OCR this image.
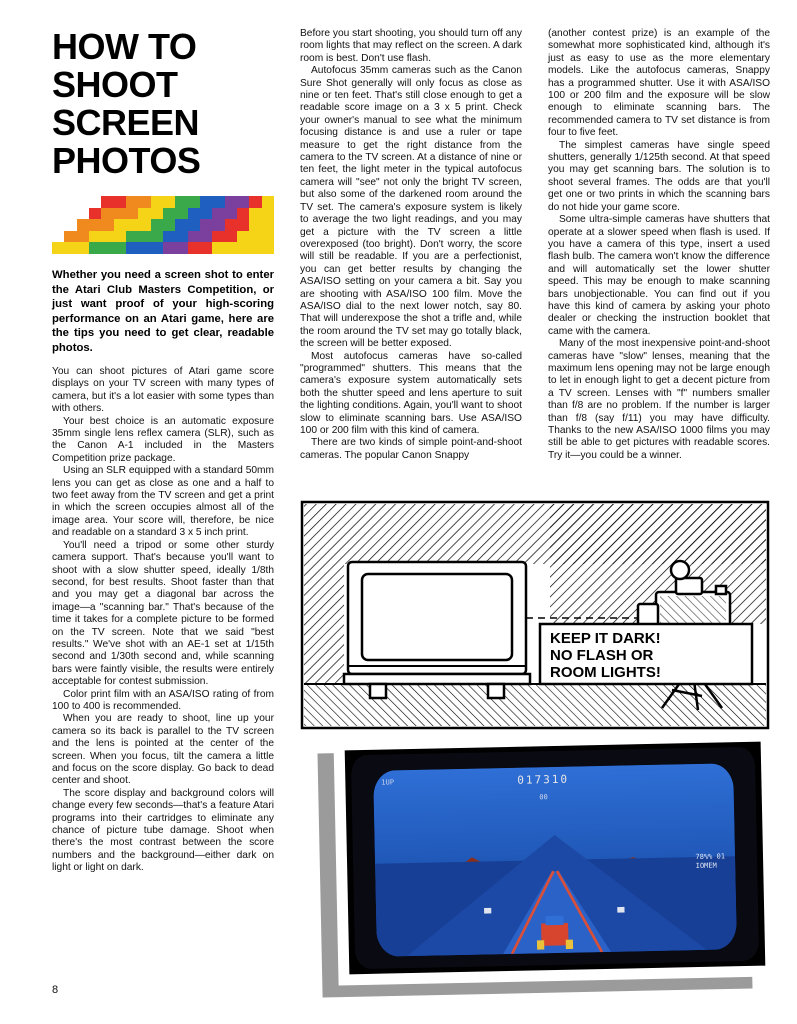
HOW TO
SHOOT
SCREEN
PHOTOS
Whether you need a screen shot to enter the Atari Club Masters Competition, or just want proof of your high-scoring performance on an Atari game, here are the tips you need to get clear, readable photos.

You can shoot pictures of Atari game score displays on your TV screen with many types of camera, but it's a lot easier with some types than with others.

Your best choice is an automatic exposure 35mm single lens reflex camera (SLR), such as the Canon A-1 included in the Masters Competition prize package.

Using an SLR equipped with a standard 50mm lens you can get as close as one and a half to two feet away from the TV screen and get a print in which the screen occupies almost all of the image area. Your score will, therefore, be nice and readable on a standard 3 x 5 inch print.

You'll need a tripod or some other sturdy camera support. That's because you'll want to shoot with a slow shutter speed, ideally 1/8th second, for best results. Shoot faster than that and you may get a diagonal bar across the image—a "scanning bar." That's because of the time it takes for a complete picture to be formed on the TV screen. Note that we said "best results." We've shot with an AE-1 set at 1/15th second and 1/30th second and, while scanning bars were faintly visible, the results were entirely acceptable for contest submission.

Color print film with an ASA/ISO rating of from 100 to 400 is recommended.

When you are ready to shoot, line up your camera so its back is parallel to the TV screen and the lens is pointed at the center of the screen. When you focus, tilt the camera a little and focus on the score display. Go back to dead center and shoot.

The score display and background colors will change every few seconds—that's a feature Atari programs into their cartridges to eliminate any chance of picture tube damage. Shoot when there's the most contrast between the score numbers and the background—either dark on light or light on dark.

Before you start shooting, you should turn off any room lights that may reflect on the screen. A dark room is best. Don't use flash.

Autofocus 35mm cameras such as the Canon Sure Shot generally will only focus as close as nine or ten feet. That's still close enough to get a readable score image on a 3 x 5 print. Check your owner's manual to see what the minimum focusing distance is and use a ruler or tape measure to get the right distance from the camera to the TV screen. At a distance of nine or ten feet, the light meter in the typical autofocus camera will "see" not only the bright TV screen, but also some of the darkened room around the TV set. The camera's exposure system is likely to average the two light readings, and you may get a picture with the TV screen a little overexposed (too bright). Don't worry, the score will still be readable. If you are a perfectionist, you can get better results by changing the ASA/ISO setting on your camera a bit. Say you are shooting with ASA/ISO 100 film. Move the ASA/ISO dial to the next lower notch, say 80. That will underexpose the shot a trifle and, while the room around the TV set may go totally black, the screen will be better exposed.

Most autofocus cameras have so-called "programmed" shutters. This means that the camera's exposure system automatically sets both the shutter speed and lens aperture to suit the lighting conditions. Again, you'll want to shoot slow to eliminate scanning bars. Use ASA/ISO 100 or 200 film with this kind of camera.

There are two kinds of simple point-and-shoot cameras. The popular Canon Snappy

(another contest prize) is an example of the somewhat more sophisticated kind, although it's just as easy to use as the more elementary models. Like the autofocus cameras, Snappy has a programmed shutter. Use it with ASA/ISO 100 or 200 film and the exposure will be slow enough to eliminate scanning bars. The recommended camera to TV set distance is from four to five feet.

The simplest cameras have single speed shutters, generally 1/125th second. At that speed you may get scanning bars. The solution is to shoot several frames. The odds are that you'll get one or two prints in which the scanning bars do not hide your game score.

Some ultra-simple cameras have shutters that operate at a slower speed when flash is used. If you have a camera of this type, insert a used flash bulb. The camera won't know the difference and will automatically set the lower shutter speed. This may be enough to make scanning bars unobjectionable. You can find out if you have this kind of camera by asking your photo dealer or checking the instruction booklet that came with the camera.

Many of the most inexpensive point-and-shoot cameras have "slow" lenses, meaning that the maximum lens opening may not be large enough to let in enough light to get a decent picture from a TV screen. Lenses with "f" numbers smaller than f/8 are no problem. If the number is larger than f/8 (say f/11) you may have difficulty. Thanks to the new ASA/ISO 1000 films you may still be able to get pictures with readable scores. Try it—you could be a winner.

KEEP IT DARK!
NO FLASH OR
ROOM LIGHTS!
017310
1UP
00
78%% 01
IOMEM
8
